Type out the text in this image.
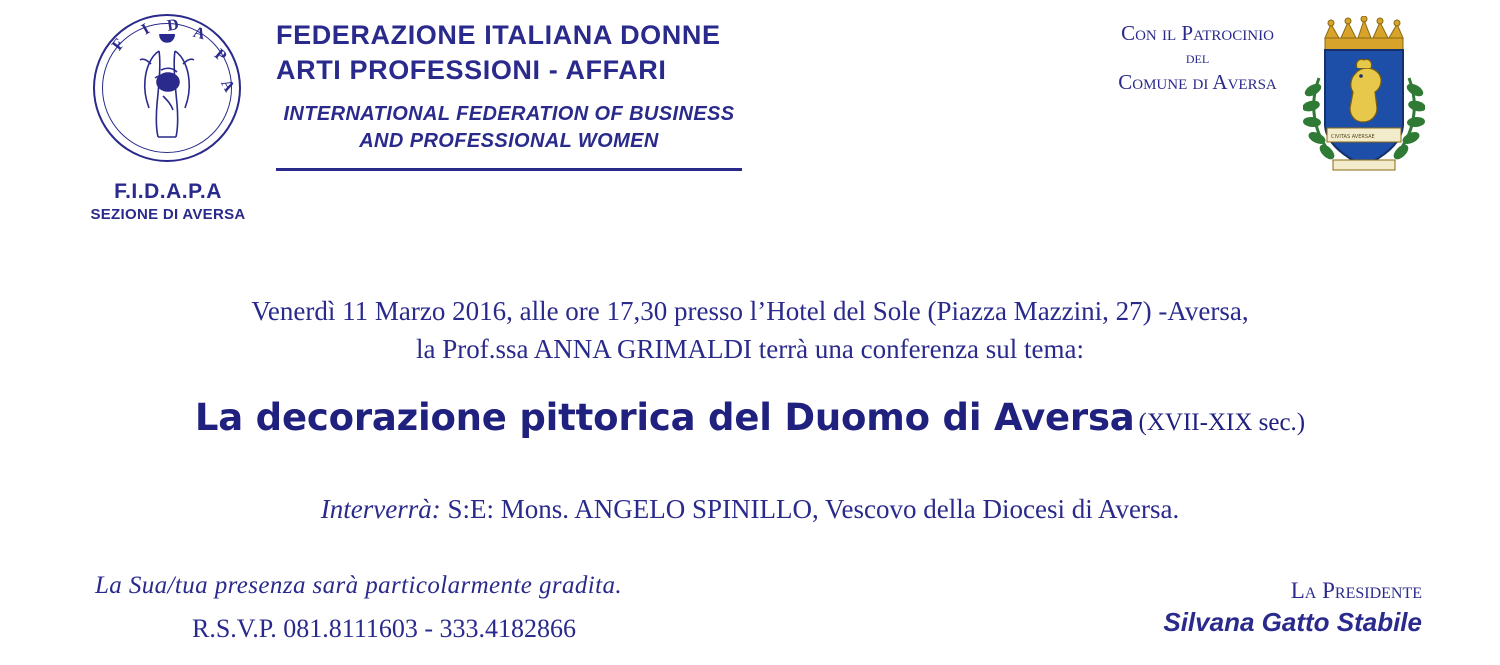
F
I D A
P
A
F.I.D.A.P.A
SEZIONE DI AVERSA
FEDERAZIONE ITALIANA DONNE
ARTI PROFESSIONI - AFFARI
INTERNATIONAL FEDERATION OF BUSINESS
AND PROFESSIONAL WOMEN
Con il Patrocinio
del
Comune di Aversa
CIVITAS AVERSAE
Venerdì 11 Marzo 2016, alle ore 17,30 presso l’Hotel del Sole (Piazza Mazzini, 27) -Aversa,
la Prof.ssa ANNA GRIMALDI terrà una conferenza sul tema:
La decorazione pittorica del Duomo di Aversa (XVII-XIX sec.)
Interverrà: S:E: Mons. ANGELO SPINILLO, Vescovo della Diocesi di Aversa.
La Sua/tua presenza sarà particolarmente gradita.
R.S.V.P. 081.8111603 - 333.4182866
La Presidente
Silvana Gatto Stabile
